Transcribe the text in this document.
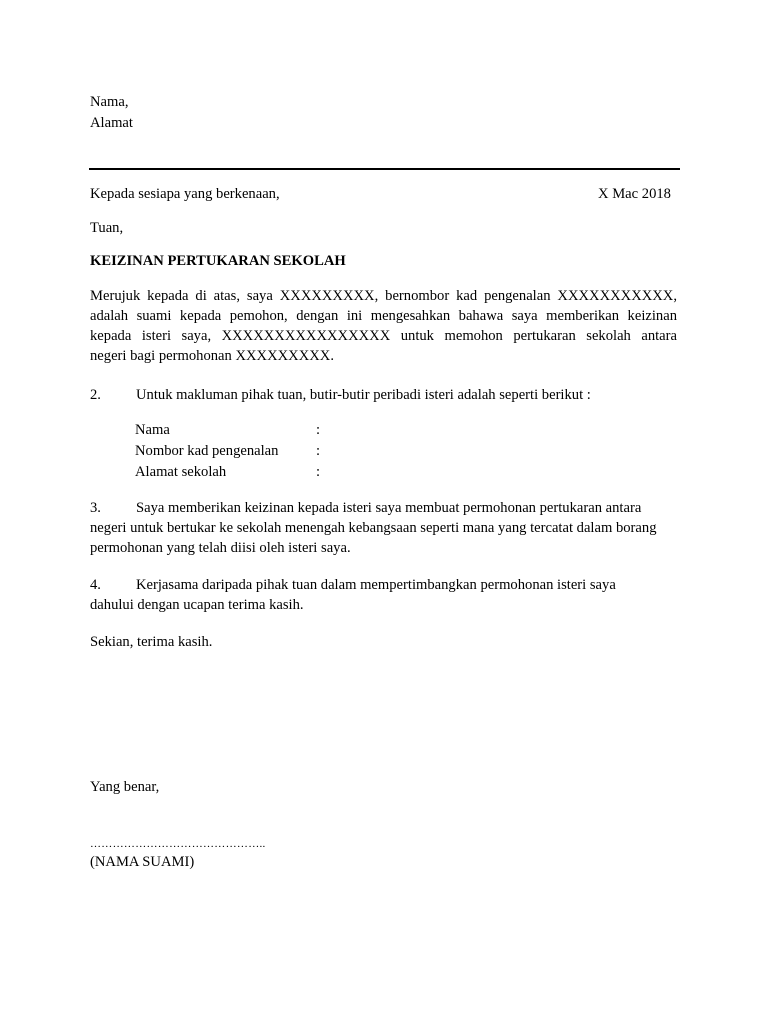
Nama,
Alamat
Kepada sesiapa yang berkenaan,	X Mac 2018
Tuan,
KEIZINAN PERTUKARAN SEKOLAH
Merujuk kepada di atas, saya XXXXXXXXX, bernombor kad pengenalan XXXXXXXXXXX,
adalah suami kepada pemohon, dengan ini mengesahkan bahawa saya memberikan keizinan
kepada isteri saya, XXXXXXXXXXXXXXXX untuk memohon pertukaran sekolah antara
negeri bagi permohonan XXXXXXXXX.
2. Untuk makluman pihak tuan, butir-butir peribadi isteri adalah seperti berikut :
Nama	:
Nombor kad pengenalan	:
Alamat sekolah	:
3. Saya memberikan keizinan kepada isteri saya membuat permohonan pertukaran antara
negeri untuk bertukar ke sekolah menengah kebangsaan seperti mana yang tercatat dalam borang
permohonan yang telah diisi oleh isteri saya.
4. Kerjasama daripada pihak tuan dalam mempertimbangkan permohonan isteri saya
dahului dengan ucapan terima kasih.
Sekian, terima kasih.
Yang benar,
………………………………………..
(NAMA SUAMI)
